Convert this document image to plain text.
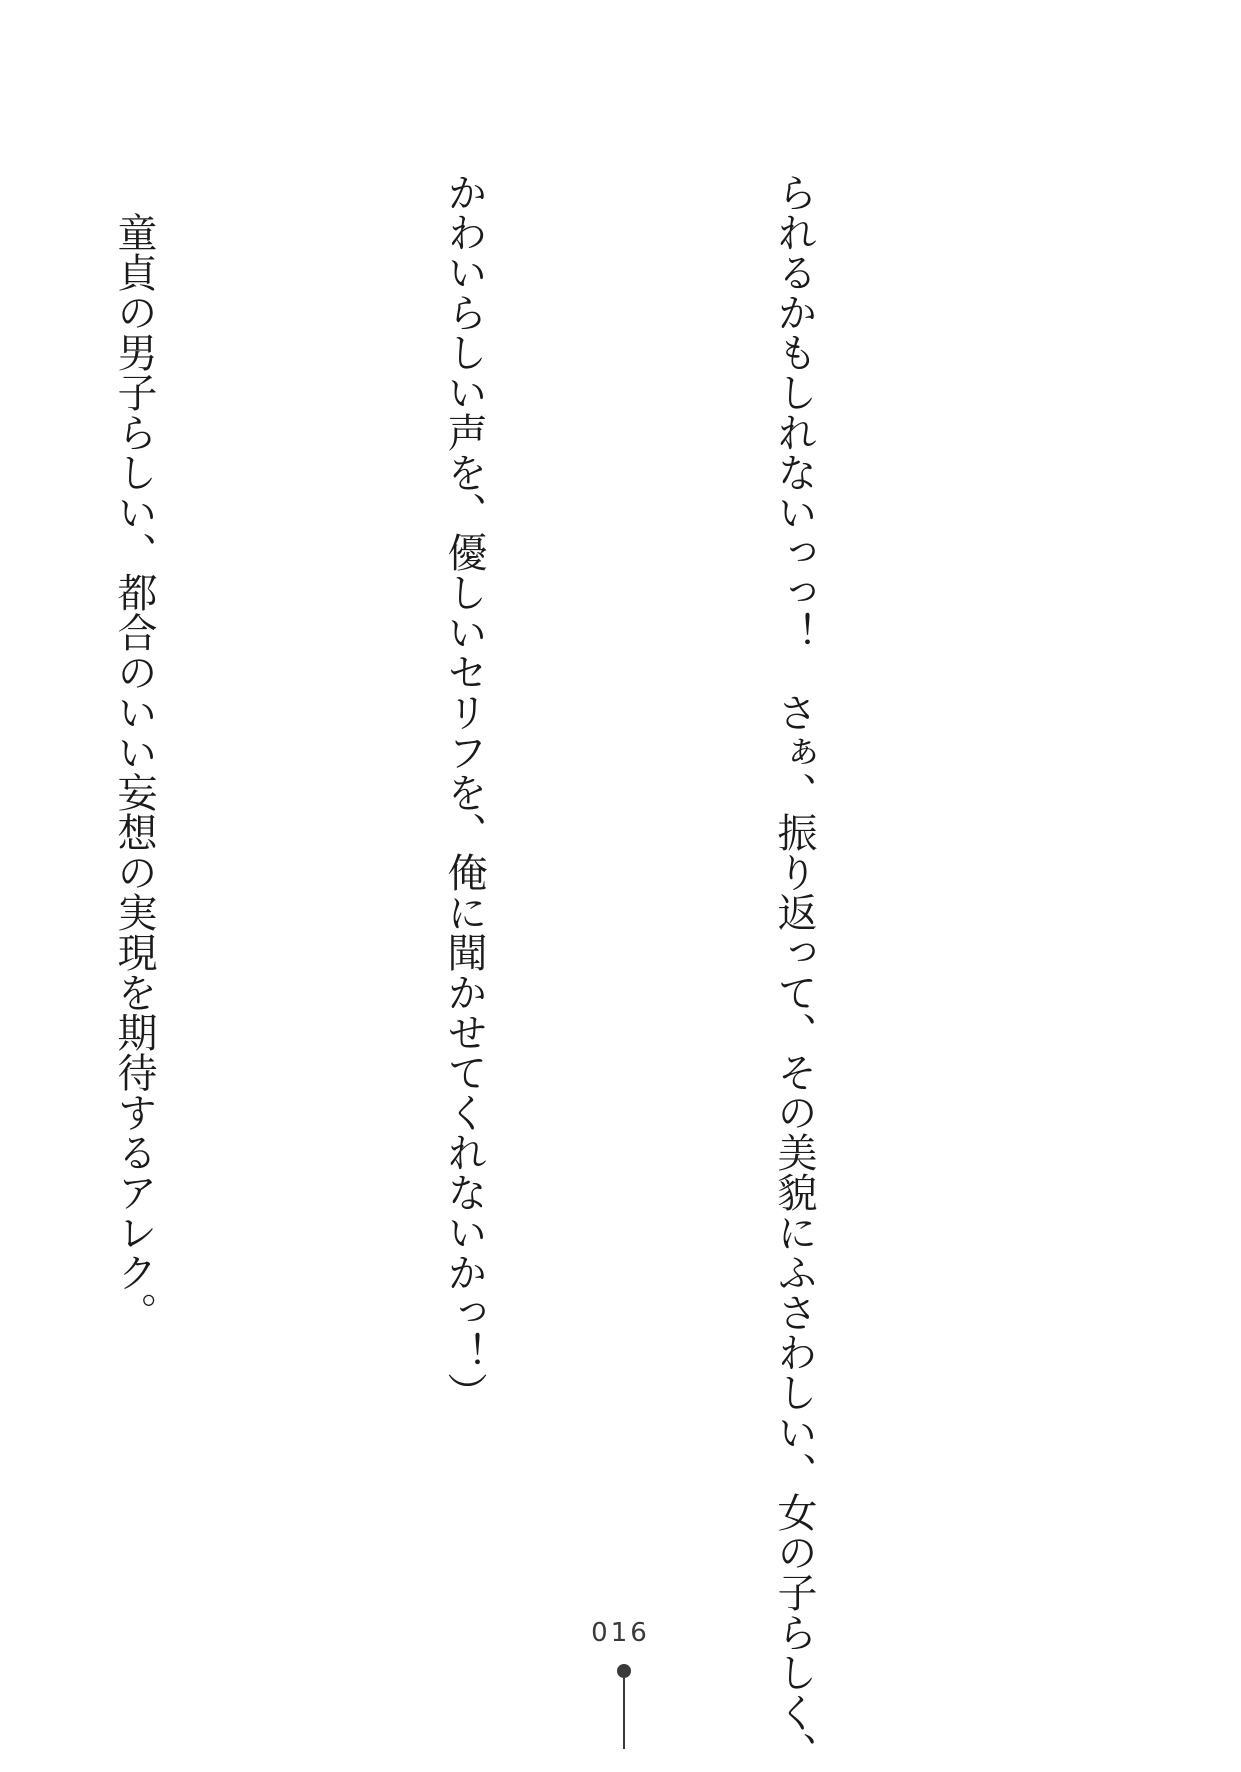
られるかもしれないっっ！　さぁ、振り返って、その美貌にふさわしい、女の子らしく、

かわいらしい声を、優しいセリフを、俺に聞かせてくれないかっ！）

　童貞の男子らしい、都合のいい妄想の実現を期待するアレク。

016
